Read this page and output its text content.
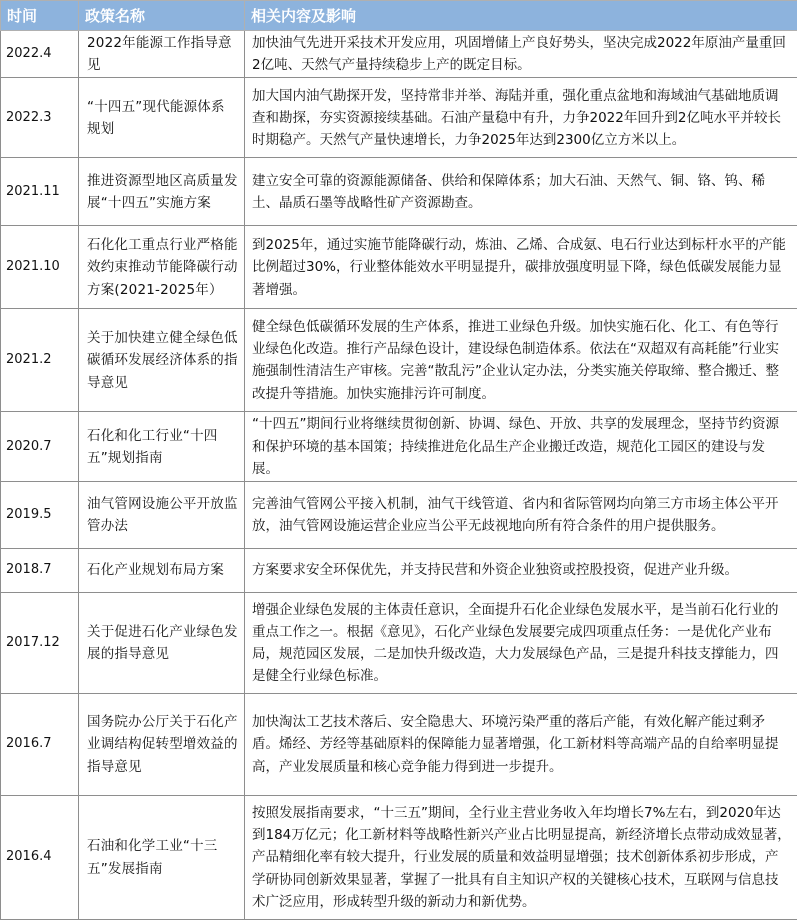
时间	政策名称	相关内容及影响
2022.4	2022年能源工作指导意见	加快油气先进开采技术开发应用，巩固增储上产良好势头，坚决完成2022年原油产量重回2亿吨、天然气产量持续稳步上产的既定目标。
2022.3	“十四五”现代能源体系规划	加大国内油气勘探开发，坚持常非并举、海陆并重，强化重点盆地和海域油气基础地质调查和勘探，夯实资源接续基础。石油产量稳中有升，力争2022年回升到2亿吨水平并较长时期稳产。天然气产量快速增长，力争2025年达到2300亿立方米以上。
2021.11	推进资源型地区高质量发展“十四五”实施方案	建立安全可靠的资源能源储备、供给和保障体系；加大石油、天然气、铜、铬、钨、稀土、晶质石墨等战略性矿产资源勘查。
2021.10	石化化工重点行业严格能效约束推动节能降碳行动方案(2021-2025年）	到2025年，通过实施节能降碳行动，炼油、乙烯、合成氨、电石行业达到标杆水平的产能比例超过30%，行业整体能效水平明显提升，碳排放强度明显下降，绿色低碳发展能力显著增强。
2021.2	关于加快建立健全绿色低碳循环发展经济体系的指导意见	健全绿色低碳循环发展的生产体系，推进工业绿色升级。加快实施石化、化工、有色等行业绿色化改造。推行产品绿色设计，建设绿色制造体系。依法在“双超双有高耗能”行业实施强制性清洁生产审核。完善“散乱污”企业认定办法，分类实施关停取缔、整合搬迁、整改提升等措施。加快实施排污许可制度。
2020.7	石化和化工行业“十四五”规划指南	“十四五”期间行业将继续贯彻创新、协调、绿色、开放、共享的发展理念，坚持节约资源和保护环境的基本国策；持续推进危化品生产企业搬迁改造，规范化工园区的建设与发展。
2019.5	油气管网设施公平开放监管办法	完善油气管网公平接入机制，油气干线管道、省内和省际管网均向第三方市场主体公平开放，油气管网设施运营企业应当公平无歧视地向所有符合条件的用户提供服务。
2018.7	石化产业规划布局方案	方案要求安全环保优先，并支持民营和外资企业独资或控股投资，促进产业升级。
2017.12	关于促进石化产业绿色发展的指导意见	增强企业绿色发展的主体责任意识，全面提升石化企业绿色发展水平，是当前石化行业的重点工作之一。根据《意见》，石化产业绿色发展要完成四项重点任务：一是优化产业布局，规范园区发展，二是加快升级改造，大力发展绿色产品，三是提升科技支撑能力，四是健全行业绿色标准。
2016.7	国务院办公厅关于石化产业调结构促转型增效益的指导意见	加快淘汰工艺技术落后、安全隐患大、环境污染严重的落后产能，有效化解产能过剩矛盾。烯经、芳经等基础原料的保障能力显著增强，化工新材料等高端产品的自给率明显提高，产业发展质量和核心竞争能力得到进一步提升。
2016.4	石油和化学工业“十三五”发展指南	按照发展指南要求，“十三五”期间，全行业主营业务收入年均增长7%左右，到2020年达到184万亿元；化工新材料等战略性新兴产业占比明显提高，新经济增长点带动成效显著，产品精细化率有较大提升，行业发展的质量和效益明显增强；技术创新体系初步形成，产学研协同创新效果显著，掌握了一批具有自主知识产权的关键核心技术，互联网与信息技术广泛应用，形成转型升级的新动力和新优势。
